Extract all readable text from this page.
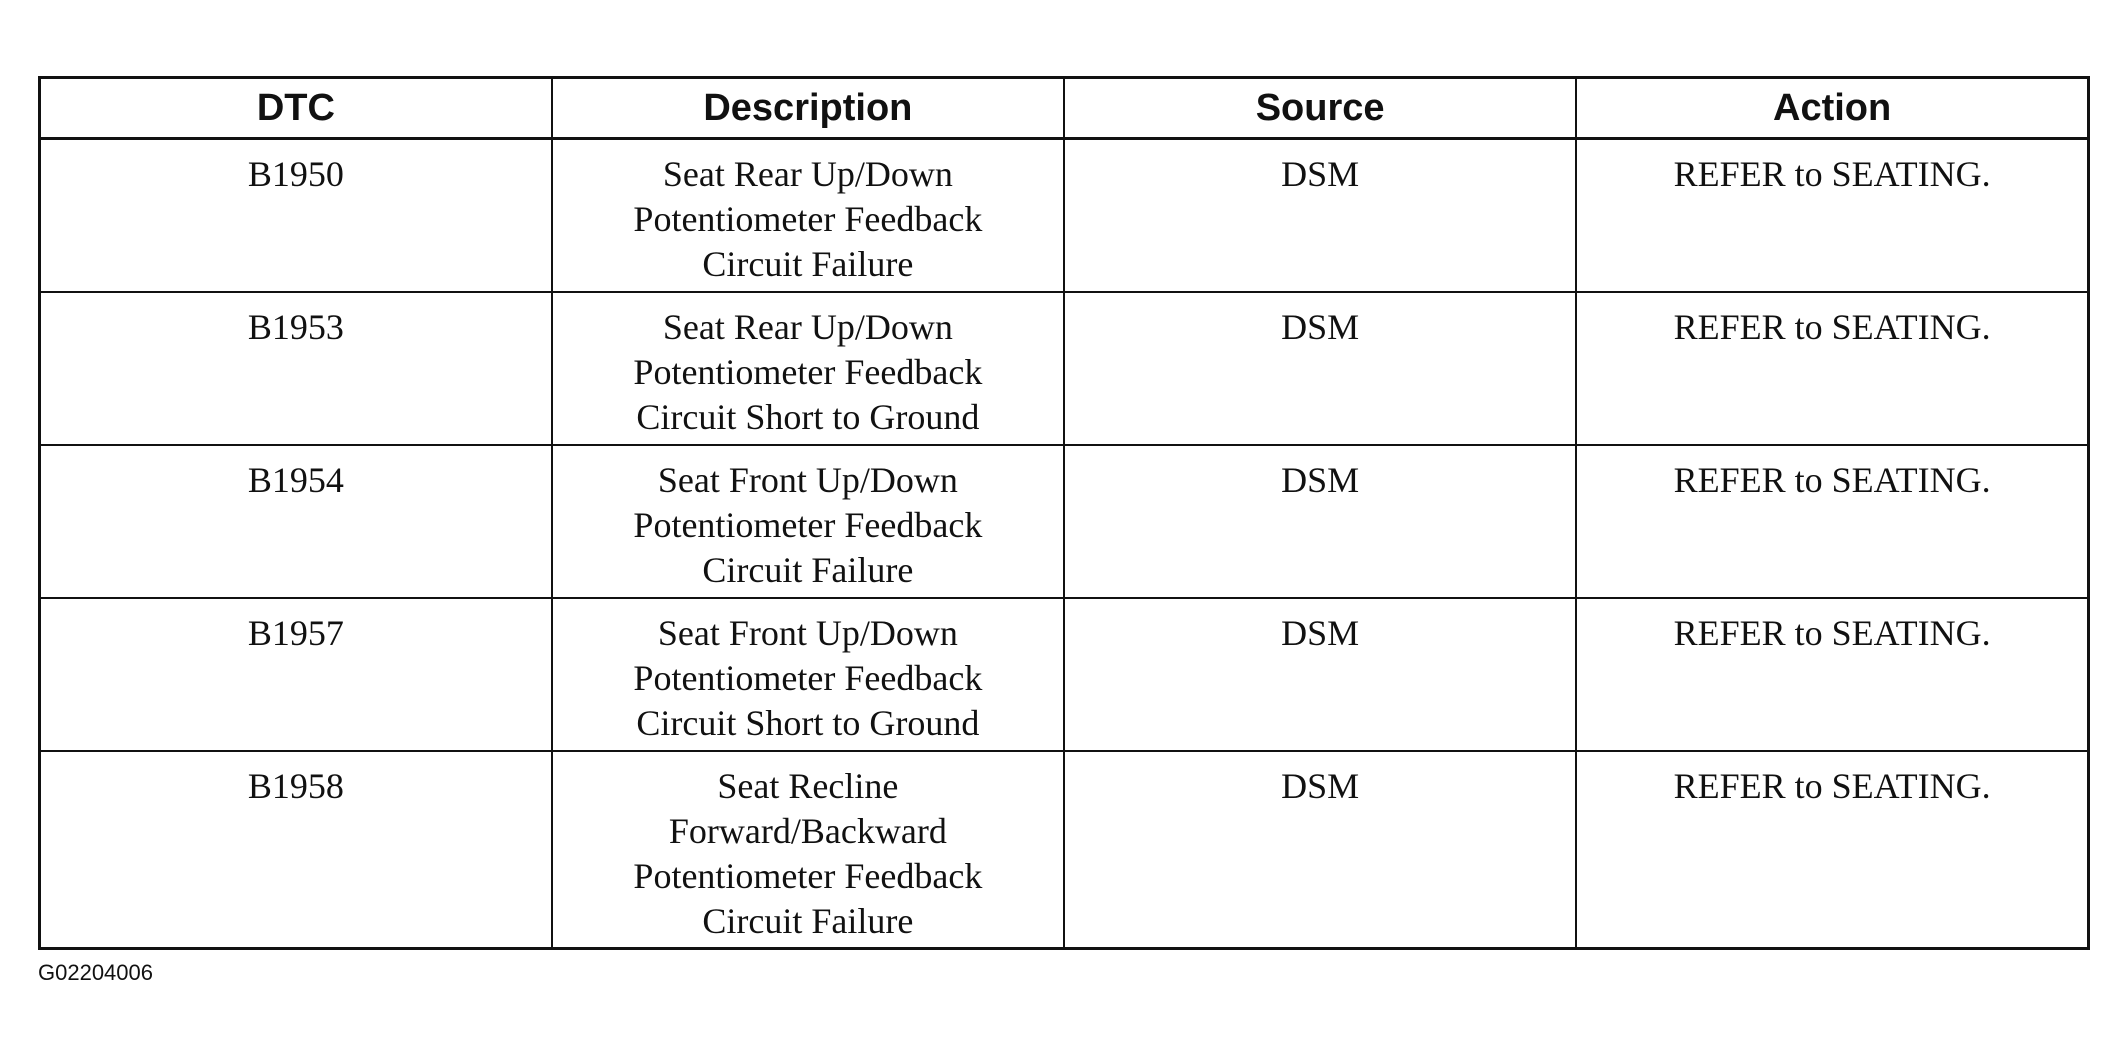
DTC	Description	Source	Action
B1950	Seat Rear Up/Down
Potentiometer Feedback
Circuit Failure	DSM	REFER to SEATING.
B1953	Seat Rear Up/Down
Potentiometer Feedback
Circuit Short to Ground	DSM	REFER to SEATING.
B1954	Seat Front Up/Down
Potentiometer Feedback
Circuit Failure	DSM	REFER to SEATING.
B1957	Seat Front Up/Down
Potentiometer Feedback
Circuit Short to Ground	DSM	REFER to SEATING.
B1958	Seat Recline
Forward/Backward
Potentiometer Feedback
Circuit Failure	DSM	REFER to SEATING.
G02204006
